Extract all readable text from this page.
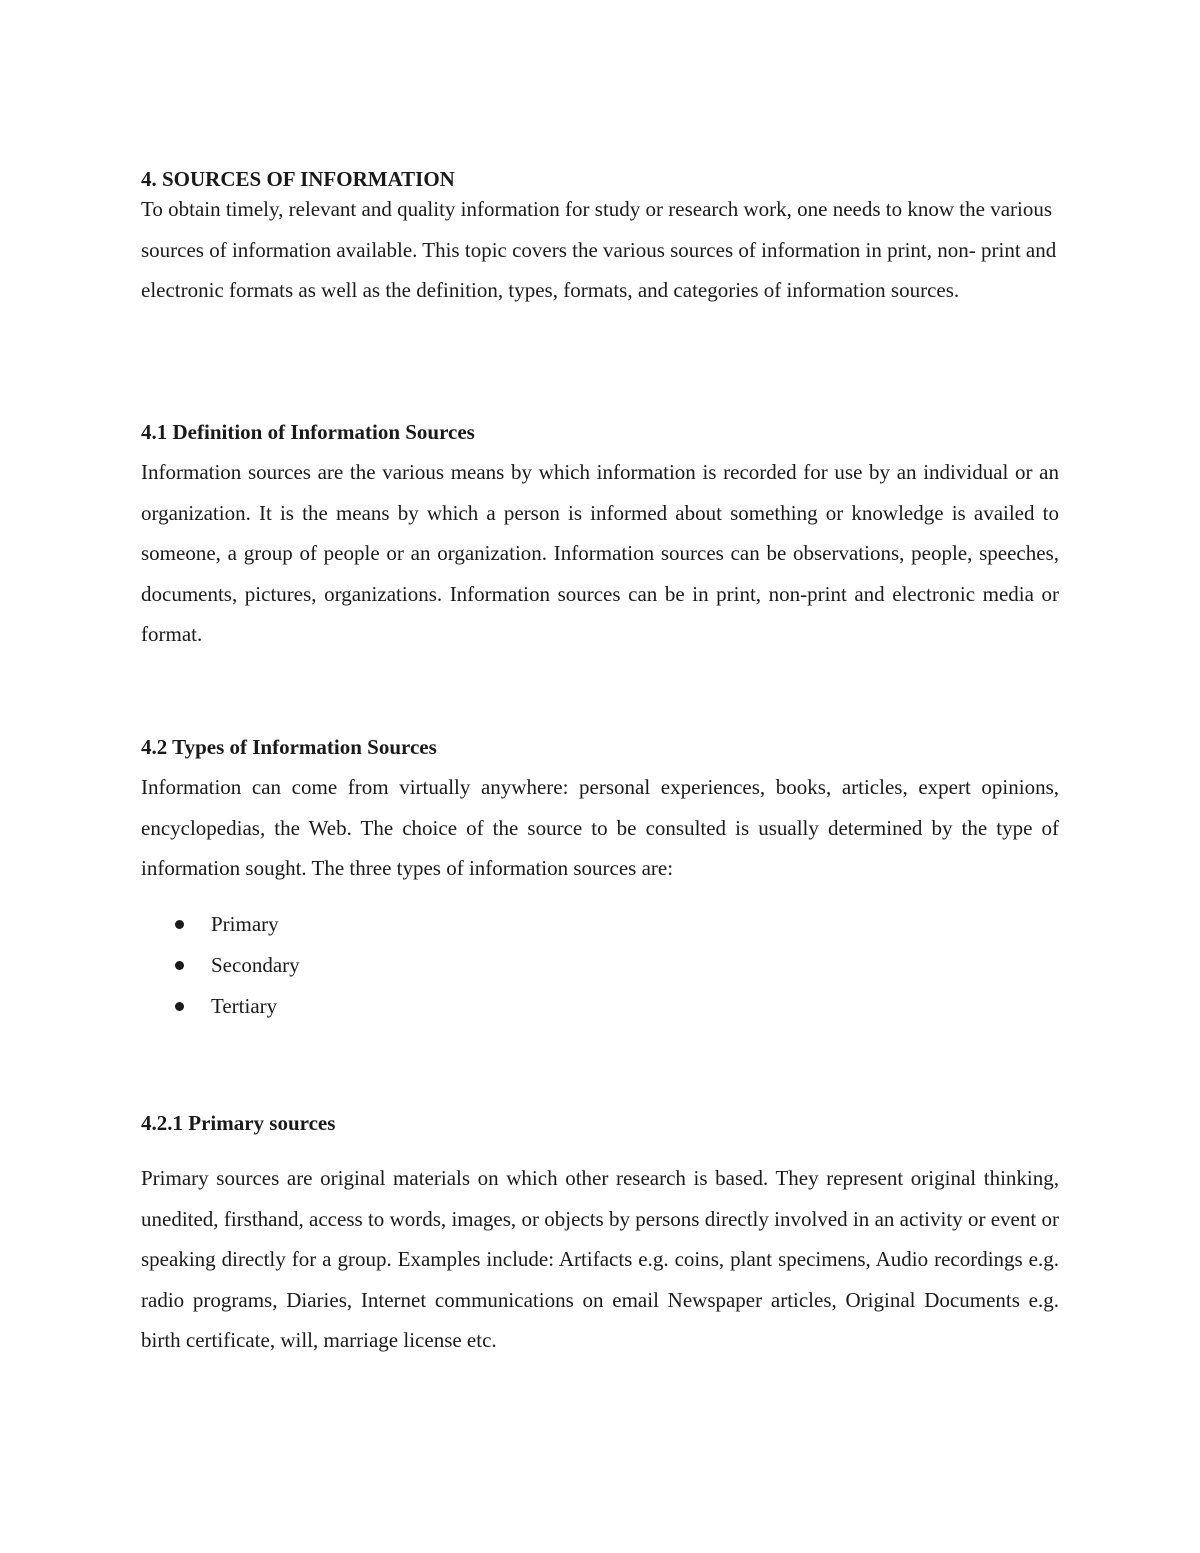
4. SOURCES OF INFORMATION

To obtain timely, relevant and quality information for study or research work, one needs to know the various sources of information available. This topic covers the various sources of information in print, non- print and electronic formats as well as the definition, types, formats, and categories of information sources.

4.1 Definition of Information Sources

Information sources are the various means by which information is recorded for use by an individual or an organization. It is the means by which a person is informed about something or knowledge is availed to someone, a group of people or an organization. Information sources can be observations, people, speeches, documents, pictures, organizations. Information sources can be in print, non-print and electronic media or format.

4.2 Types of Information Sources

Information can come from virtually anywhere: personal experiences, books, articles, expert opinions, encyclopedias, the Web. The choice of the source to be consulted is usually determined by the type of information sought. The three types of information sources are:

Primary
Secondary
Tertiary
4.2.1 Primary sources

Primary sources are original materials on which other research is based. They represent original thinking, unedited, firsthand, access to words, images, or objects by persons directly involved in an activity or event or speaking directly for a group. Examples include: Artifacts e.g. coins, plant specimens, Audio recordings e.g. radio programs, Diaries, Internet communications on email Newspaper articles, Original Documents e.g. birth certificate, will, marriage license etc.
